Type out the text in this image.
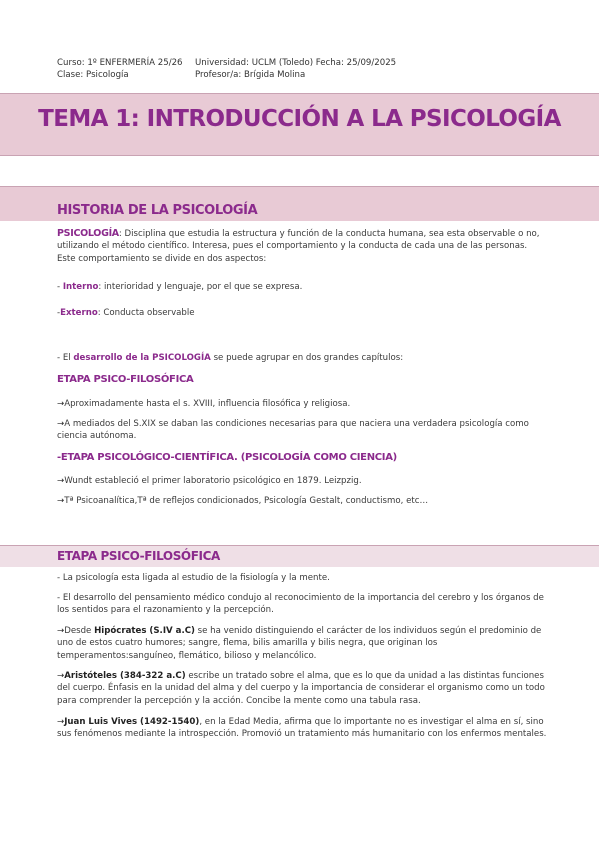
Curso: 1º ENFERMERÍA 25/26 Universidad: UCLM (Toledo) Fecha: 25/09/2025
Clase: Psicología	Profesor/a: Brígida Molina
TEMA 1: INTRODUCCIÓN A LA PSICOLOGÍA
HISTORIA DE LA PSICOLOGÍA
PSICOLOGÍA: Disciplina que estudia la estructura y función de la conducta humana, sea esta observable o no, utilizando el método científico. Interesa, pues el comportamiento y la conducta de cada una de las personas. Este comportamiento se divide en dos aspectos:
- Interno: interioridad y lenguaje, por el que se expresa.
-Externo: Conducta observable
- El desarrollo de la PSICOLOGÍA se puede agrupar en dos grandes capítulos:
ETAPA PSICO-FILOSÓFICA
→Aproximadamente hasta el s. XVIII, influencia filosófica y religiosa.
→A mediados del S.XIX se daban las condiciones necesarias para que naciera una verdadera psicología como ciencia autónoma.
-ETAPA PSICOLÓGICO-CIENTÍFICA. (PSICOLOGÍA COMO CIENCIA)
→Wundt estableció el primer laboratorio psicológico en 1879. Leizpzig.
→Tª Psicoanalítica,Tª de reflejos condicionados, Psicología Gestalt, conductismo, etc…
ETAPA PSICO-FILOSÓFICA
- La psicología esta ligada al estudio de la fisiología y la mente.
- El desarrollo del pensamiento médico condujo al reconocimiento de la importancia del cerebro y los órganos de los sentidos para el razonamiento y la percepción.
→Desde Hipócrates (S.IV a.C) se ha venido distinguiendo el carácter de los individuos según el predominio de uno de estos cuatro humores; sangre, flema, bilis amarilla y bilis negra, que originan los temperamentos:sanguíneo, flemático, bilioso y melancólico.
→Aristóteles (384-322 a.C) escribe un tratado sobre el alma, que es lo que da unidad a las distintas funciones del cuerpo. Énfasis en la unidad del alma y del cuerpo y la importancia de considerar el organismo como un todo para comprender la percepción y la acción. Concibe la mente como una tabula rasa.
→Juan Luis Vives (1492-1540), en la Edad Media, afirma que lo importante no es investigar el alma en sí, sino sus fenómenos mediante la introspección. Promovió un tratamiento más humanitario con los enfermos mentales.
